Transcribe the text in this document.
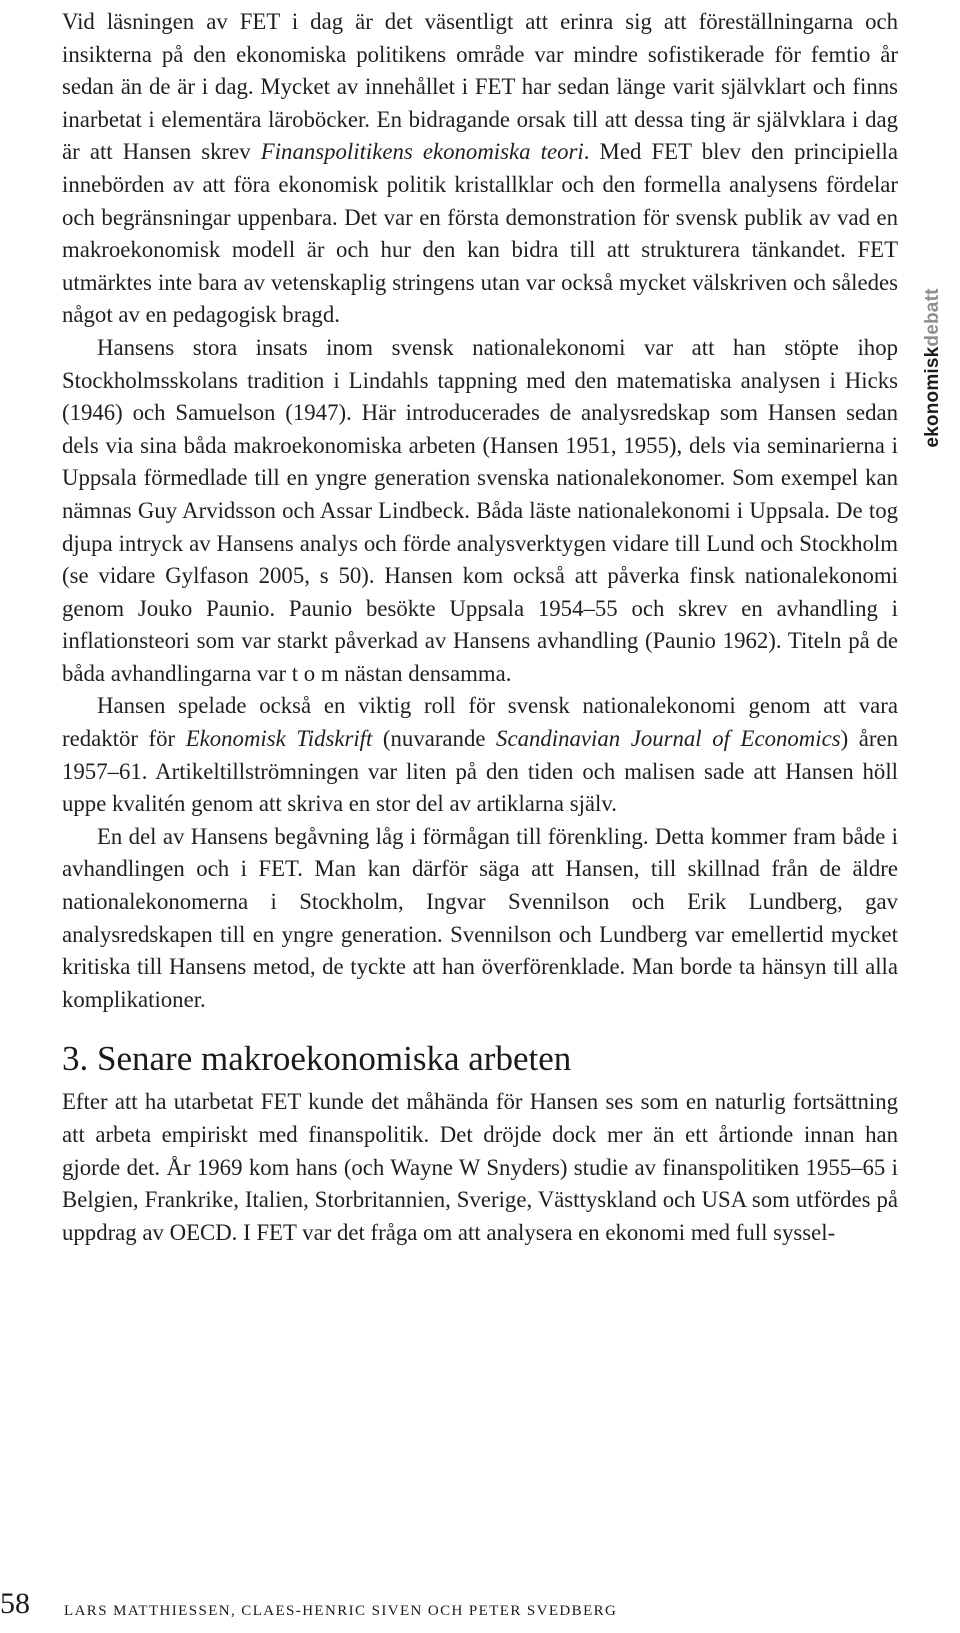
Vid läsningen av FET i dag är det väsentligt att erinra sig att föreställningarna och insikterna på den ekonomiska politikens område var mindre sofistikerade för femtio år sedan än de är i dag. Mycket av innehållet i FET har sedan länge varit självklart och finns inarbetat i elementära läroböcker. En bidragande orsak till att dessa ting är självklara i dag är att Hansen skrev Finanspolitikens ekonomiska teori. Med FET blev den principiella innebörden av att föra ekonomisk politik kristallklar och den formella analysens fördelar och begränsningar uppenbara. Det var en första demonstration för svensk publik av vad en makroekonomisk modell är och hur den kan bidra till att strukturera tänkandet. FET utmärktes inte bara av vetenskaplig stringens utan var också mycket välskriven och således något av en pedagogisk bragd.

Hansens stora insats inom svensk nationalekonomi var att han stöpte ihop Stockholmsskolans tradition i Lindahls tappning med den matematiska analysen i Hicks (1946) och Samuelson (1947). Här introducerades de analysredskap som Hansen sedan dels via sina båda makroekonomiska arbeten (Hansen 1951, 1955), dels via seminarierna i Uppsala förmedlade till en yngre generation svenska nationalekonomer. Som exempel kan nämnas Guy Arvidsson och Assar Lindbeck. Båda läste nationalekonomi i Uppsala. De tog djupa intryck av Hansens analys och förde analysverktygen vidare till Lund och Stockholm (se vidare Gylfason 2005, s 50). Hansen kom också att påverka finsk nationalekonomi genom Jouko Paunio. Paunio besökte Uppsala 1954–55 och skrev en avhandling i inflationsteori som var starkt påverkad av Hansens avhandling (Paunio 1962). Titeln på de båda avhandlingarna var t o m nästan densamma.

Hansen spelade också en viktig roll för svensk nationalekonomi genom att vara redaktör för Ekonomisk Tidskrift (nuvarande Scandinavian Journal of Economics) åren 1957–61. Artikeltillströmningen var liten på den tiden och malisen sade att Hansen höll uppe kvalitén genom att skriva en stor del av artiklarna själv.

En del av Hansens begåvning låg i förmågan till förenkling. Detta kommer fram både i avhandlingen och i FET. Man kan därför säga att Hansen, till skillnad från de äldre nationalekonomerna i Stockholm, Ingvar Svennilson och Erik Lundberg, gav analysredskapen till en yngre generation. Svennilson och Lundberg var emellertid mycket kritiska till Hansens metod, de tyckte att han överförenklade. Man borde ta hänsyn till alla komplikationer.

3. Senare makroekonomiska arbeten

Efter att ha utarbetat FET kunde det måhända för Hansen ses som en naturlig fortsättning att arbeta empiriskt med finanspolitik. Det dröjde dock mer än ett årtionde innan han gjorde det. År 1969 kom hans (och Wayne W Snyders) studie av finanspolitiken 1955–65 i Belgien, Frankrike, Italien, Storbritannien, Sverige, Västtyskland och USA som utfördes på uppdrag av OECD. I FET var det fråga om att analysera en ekonomi med full syssel-

ekonomiskdebatt
58 LARS MATTHIESSEN, CLAES-HENRIC SIVEN OCH PETER SVEDBERG
